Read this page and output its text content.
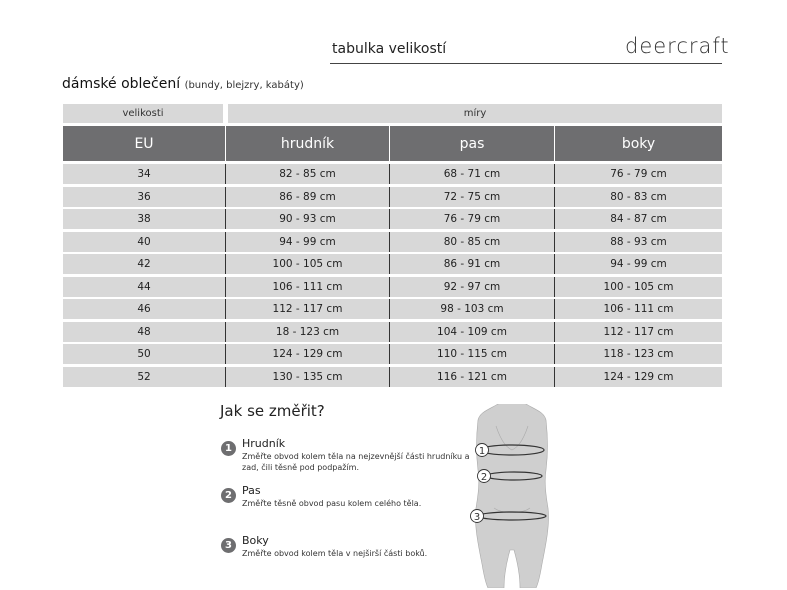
tabulka velikostí	deercraft
dámské oblečení (bundy, blejzry, kabáty)
velikosti	míry
EU	hrudník	pas	boky
34	82 - 85 cm	68 - 71 cm	76 - 79 cm
36	86 - 89 cm	72 - 75 cm	80 - 83 cm
38	90 - 93 cm	76 - 79 cm	84 - 87 cm
40	94 - 99 cm	80 - 85 cm	88 - 93 cm
42	100 - 105 cm	86 - 91 cm	94 - 99 cm
44	106 - 111 cm	92 - 97 cm	100 - 105 cm
46	112 - 117 cm	98 - 103 cm	106 - 111 cm
48	18 - 123 cm	104 - 109 cm	112 - 117 cm
50	124 - 129 cm	110 - 115 cm	118 - 123 cm
52	130 - 135 cm	116 - 121 cm	124 - 129 cm
Jak se změřit?
1 Hrudník
Změřte obvod kolem těla na nejzevnější části hrudníku a zad, čili těsně pod podpažím.
2 Pas
Změřte těsně obvod pasu kolem celého těla.
3 Boky
Změřte obvod kolem těla v nejširší části boků.
1
2
3
